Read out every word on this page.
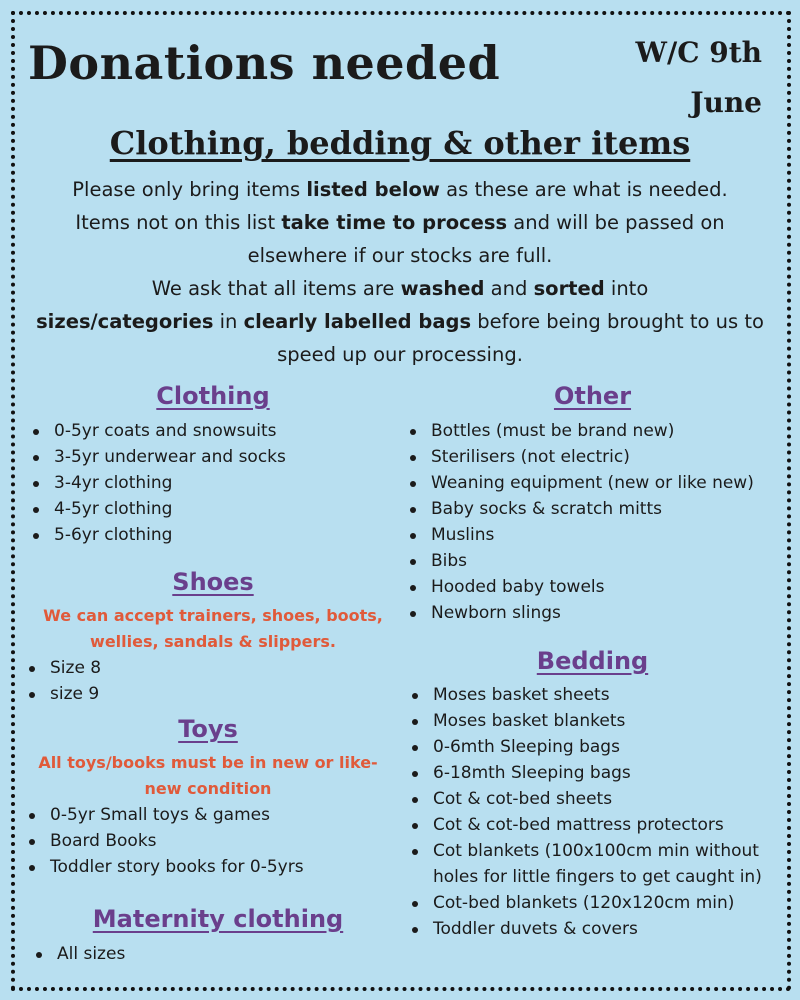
Donations needed	W/C 9th
June
Clothing, bedding & other items
Please only bring items listed below as these are what is needed.
Items not on this list take time to process and will be passed on elsewhere if our stocks are full.
We ask that all items are washed and sorted into
sizes/categories in clearly labelled bags before being brought to us to speed up our processing.
Clothing
0-5yr coats and snowsuits
3-5yr underwear and socks
3-4yr clothing
4-5yr clothing
5-6yr clothing
Shoes
We can accept trainers, shoes, boots, wellies, sandals & slippers.
Size 8
size 9
Toys
All toys/books must be in new or like-new condition
0-5yr Small toys & games
Board Books
Toddler story books for 0-5yrs
Maternity clothing
All sizes
Other
Bottles (must be brand new)
Sterilisers (not electric)
Weaning equipment (new or like new)
Baby socks & scratch mitts
Muslins
Bibs
Hooded baby towels
Newborn slings
Bedding
Moses basket sheets
Moses basket blankets
0-6mth Sleeping bags
6-18mth Sleeping bags
Cot & cot-bed sheets
Cot & cot-bed mattress protectors
Cot blankets (100x100cm min without holes for little fingers to get caught in)
Cot-bed blankets (120x120cm min)
Toddler duvets & covers
